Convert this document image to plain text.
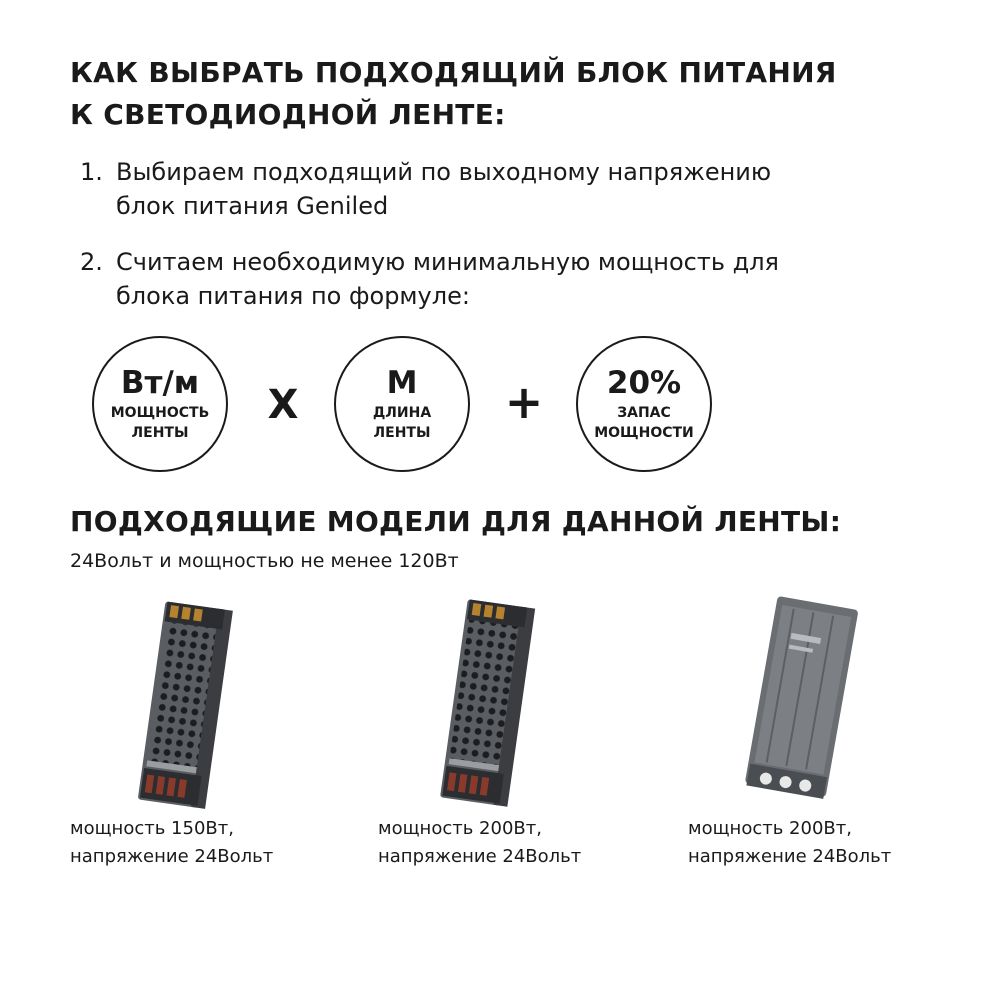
КАК ВЫБРАТЬ ПОДХОДЯЩИЙ БЛОК ПИТАНИЯ
К СВЕТОДИОДНОЙ ЛЕНТЕ:
1. Выбираем подходящий по выходному напряжению
блок питания Geniled
2. Считаем необходимую минимальную мощность для
блока питания по формуле:
Вт/м
МОЩНОСТЬ
ЛЕНТЫ
X	М
ДЛИНА
ЛЕНТЫ
+ 20%
ЗАПАС
МОЩНОСТИ
ПОДХОДЯЩИЕ МОДЕЛИ ДЛЯ ДАННОЙ ЛЕНТЫ:
24Вольт и мощностью не менее 120Вт
мощность 150Вт,
напряжение 24Вольт
мощность 200Вт,
напряжение 24Вольт
мощность 200Вт,
напряжение 24Вольт
